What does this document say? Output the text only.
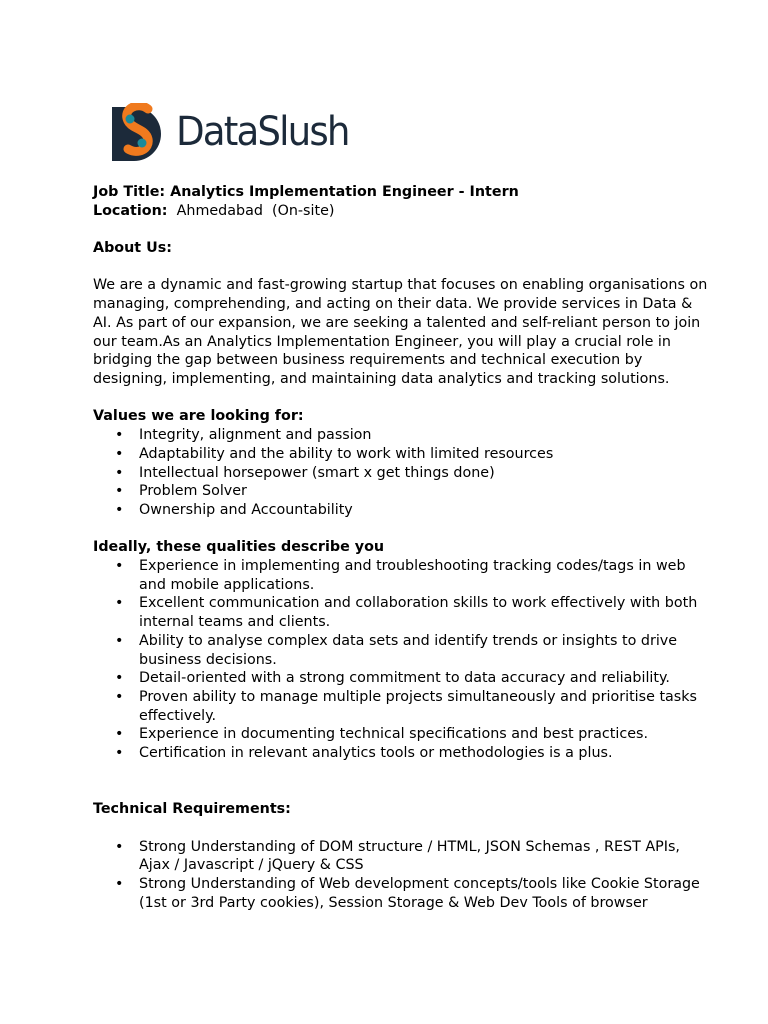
DataSlush

Job Title: Analytics Implementation Engineer - Intern

Location:  Ahmedabad  (On-site)

About Us:

We are a dynamic and fast-growing startup that focuses on enabling organisations on

managing, comprehending, and acting on their data. We provide services in Data &

AI. As part of our expansion, we are seeking a talented and self-reliant person to join

our team.As an Analytics Implementation Engineer, you will play a crucial role in

bridging the gap between business requirements and technical execution by

designing, implementing, and maintaining data analytics and tracking solutions.

Values we are looking for:

• Integrity, alignment and passion
• Adaptability and the ability to work with limited resources
• Intellectual horsepower (smart x get things done)
• Problem Solver
• Ownership and Accountability

Ideally, these qualities describe you

• Experience in implementing and troubleshooting tracking codes/tags in web
and mobile applications.
• Excellent communication and collaboration skills to work effectively with both
internal teams and clients.
• Ability to analyse complex data sets and identify trends or insights to drive
business decisions.
• Detail-oriented with a strong commitment to data accuracy and reliability.
• Proven ability to manage multiple projects simultaneously and prioritise tasks
effectively.
• Experience in documenting technical specifications and best practices.
• Certification in relevant analytics tools or methodologies is a plus.

Technical Requirements:

• Strong Understanding of DOM structure / HTML, JSON Schemas , REST APIs,
Ajax / Javascript / jQuery & CSS
• Strong Understanding of Web development concepts/tools like Cookie Storage
(1st or 3rd Party cookies), Session Storage & Web Dev Tools of browser
